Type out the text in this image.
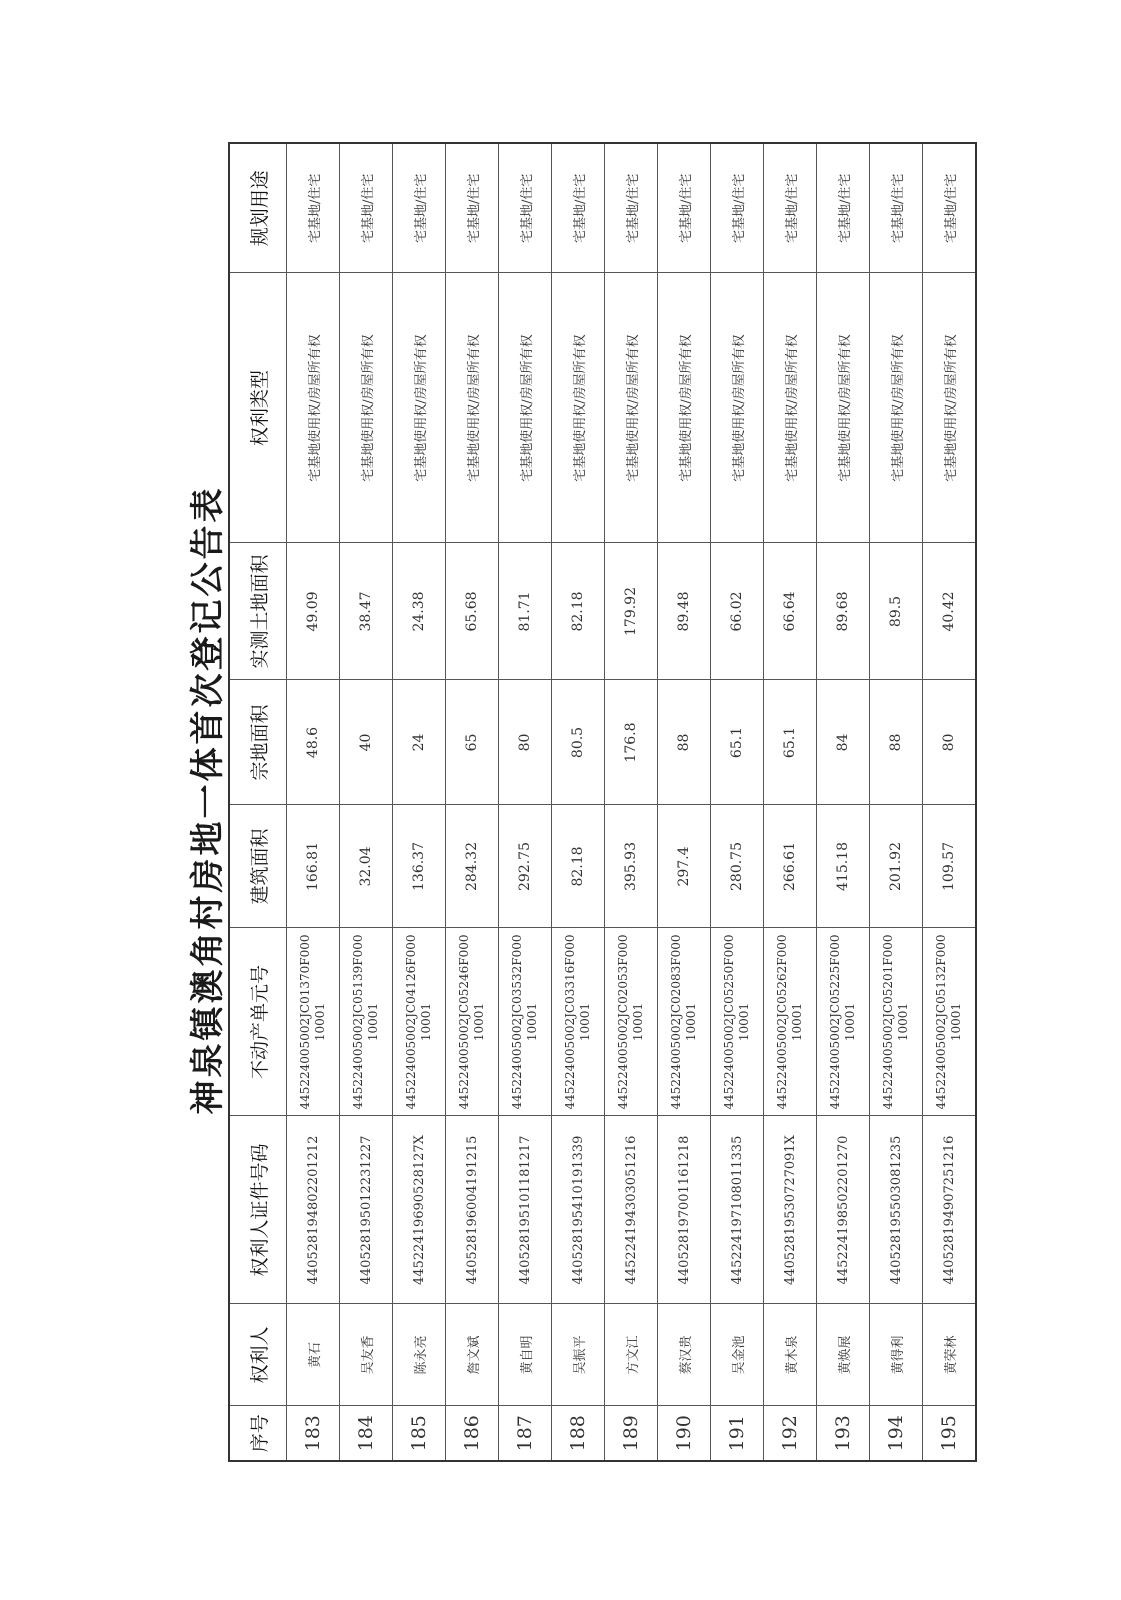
神泉镇澳角村房地一体首次登记公告表
序号	权利人	权利人证件号码	不动产单元号	建筑面积	宗地面积	实测土地面积	权利类型	规划用途
183	黄石	440528194802201212	445224005002JC01370F00010001	166.81	48.6	49.09	宅基地使用权/房屋所有权	宅基地/住宅
184	吴友香	440528195012231227	445224005002JC05139F00010001	32.04	40	38.47	宅基地使用权/房屋所有权	宅基地/住宅
185	陈永亮	44522419690528127X	445224005002JC04126F00010001	136.37	24	24.38	宅基地使用权/房屋所有权	宅基地/住宅
186	詹文斌	440528196004191215	445224005002JC05246F00010001	284.32	65	65.68	宅基地使用权/房屋所有权	宅基地/住宅
187	黄自明	440528195101181217	445224005002JC03532F00010001	292.75	80	81.71	宅基地使用权/房屋所有权	宅基地/住宅
188	吴振平	440528195410191339	445224005002JC03316F00010001	82.18	80.5	82.18	宅基地使用权/房屋所有权	宅基地/住宅
189	方文江	445224194303051216	445224005002JC02053F00010001	395.93	176.8	179.92	宅基地使用权/房屋所有权	宅基地/住宅
190	蔡汉贵	440528197001161218	445224005002JC02083F00010001	297.4	88	89.48	宅基地使用权/房屋所有权	宅基地/住宅
191	吴金池	445224197108011335	445224005002JC05250F00010001	280.75	65.1	66.02	宅基地使用权/房屋所有权	宅基地/住宅
192	黄木泉	44052819530727091X	445224005002JC05262F00010001	266.61	65.1	66.64	宅基地使用权/房屋所有权	宅基地/住宅
193	黄焕展	445224198502201270	445224005002JC05225F00010001	415.18	84	89.68	宅基地使用权/房屋所有权	宅基地/住宅
194	黄得利	440528195503081235	445224005002JC05201F00010001	201.92	88	89.5	宅基地使用权/房屋所有权	宅基地/住宅
195	黄荣林	440528194907251216	445224005002JC05132F00010001	109.57	80	40.42	宅基地使用权/房屋所有权	宅基地/住宅
